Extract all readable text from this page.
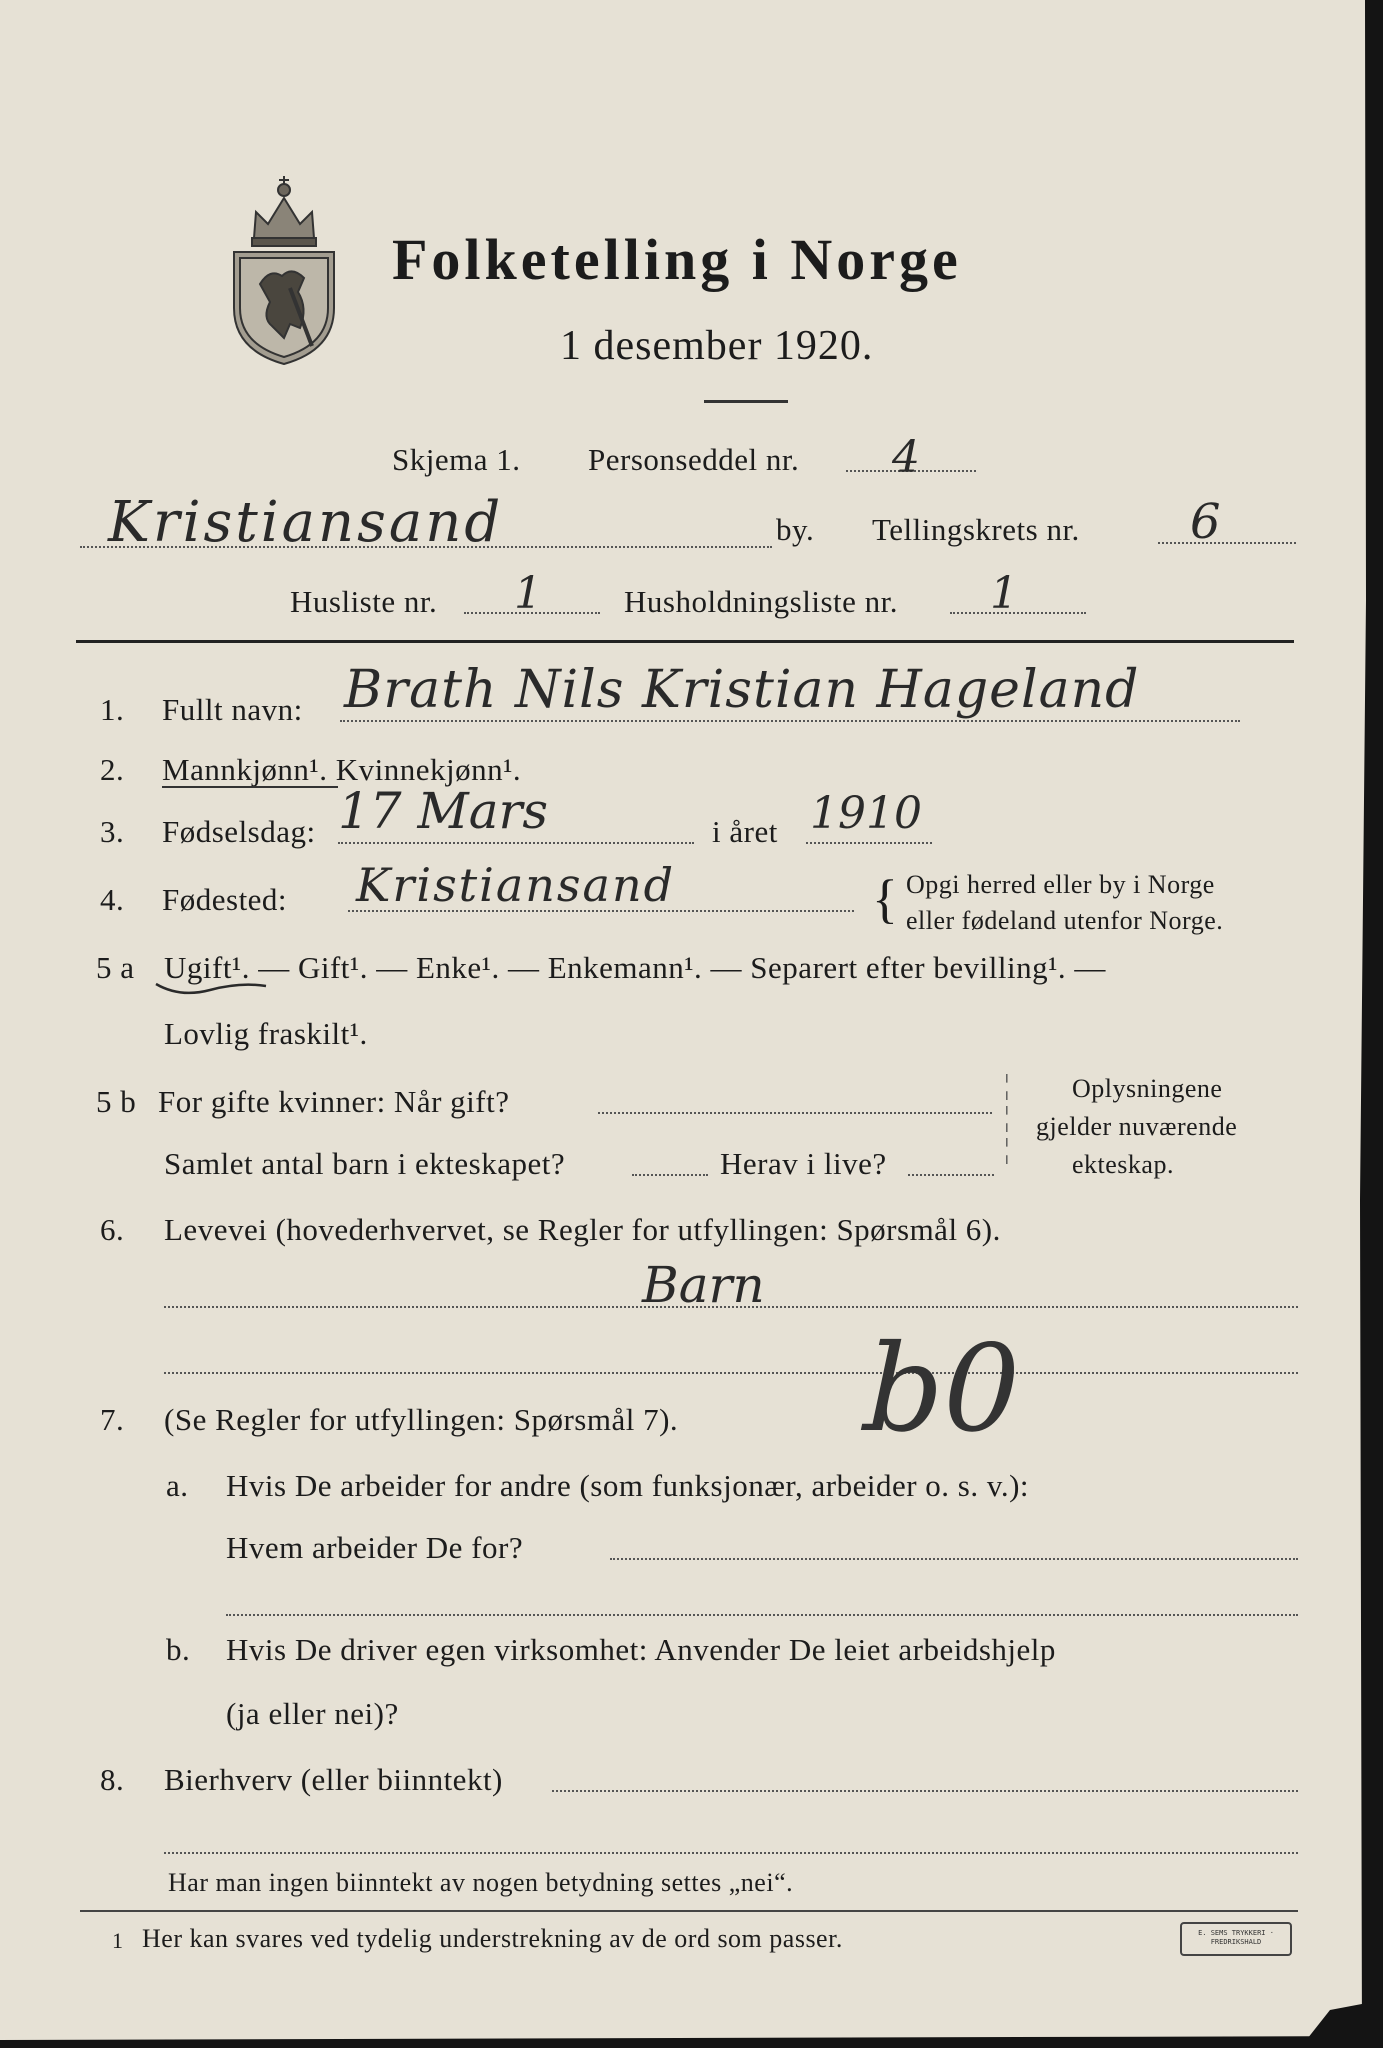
Folketelling i Norge
1 desember 1920.
Skjema 1. Personseddel nr. 4
Kristiansand	by. Tellingskrets nr. 6
Husliste nr. 1	Husholdningsliste nr. 1
1. Fullt navn: Brath Nils Kristian Hageland
2. Mannkjønn¹. Kvinnekjønn¹.
3. Fødselsdag: 17 Mars	i året 1910
4. Fødested: Kristiansand	{ Opgi herred eller by i Norge
eller fødeland utenfor Norge.
5 a Ugift¹. — Gift¹. — Enke¹. — Enkemann¹. — Separert efter bevilling¹. —
Lovlig fraskilt¹.
5 b For gifte kvinner: Når gift?
Samlet antal barn i ekteskapet?	Herav i live?
¦
¦
¦
Oplysningene
gjelder nuværende
ekteskap.
6. Levevei (hovederhvervet, se Regler for utfyllingen: Spørsmål 6).
Barn
b0
7. (Se Regler for utfyllingen: Spørsmål 7).
a. Hvis De arbeider for andre (som funksjonær, arbeider o. s. v.):
Hvem arbeider De for?
b. Hvis De driver egen virksomhet: Anvender De leiet arbeidshjelp
(ja eller nei)?
8. Bierhverv (eller biinntekt)
Har man ingen biinntekt av nogen betydning settes „nei“.
1 Her kan svares ved tydelig understrekning av de ord som passer.	E. SEMS TRYKKERI · FREDRIKSHALD
